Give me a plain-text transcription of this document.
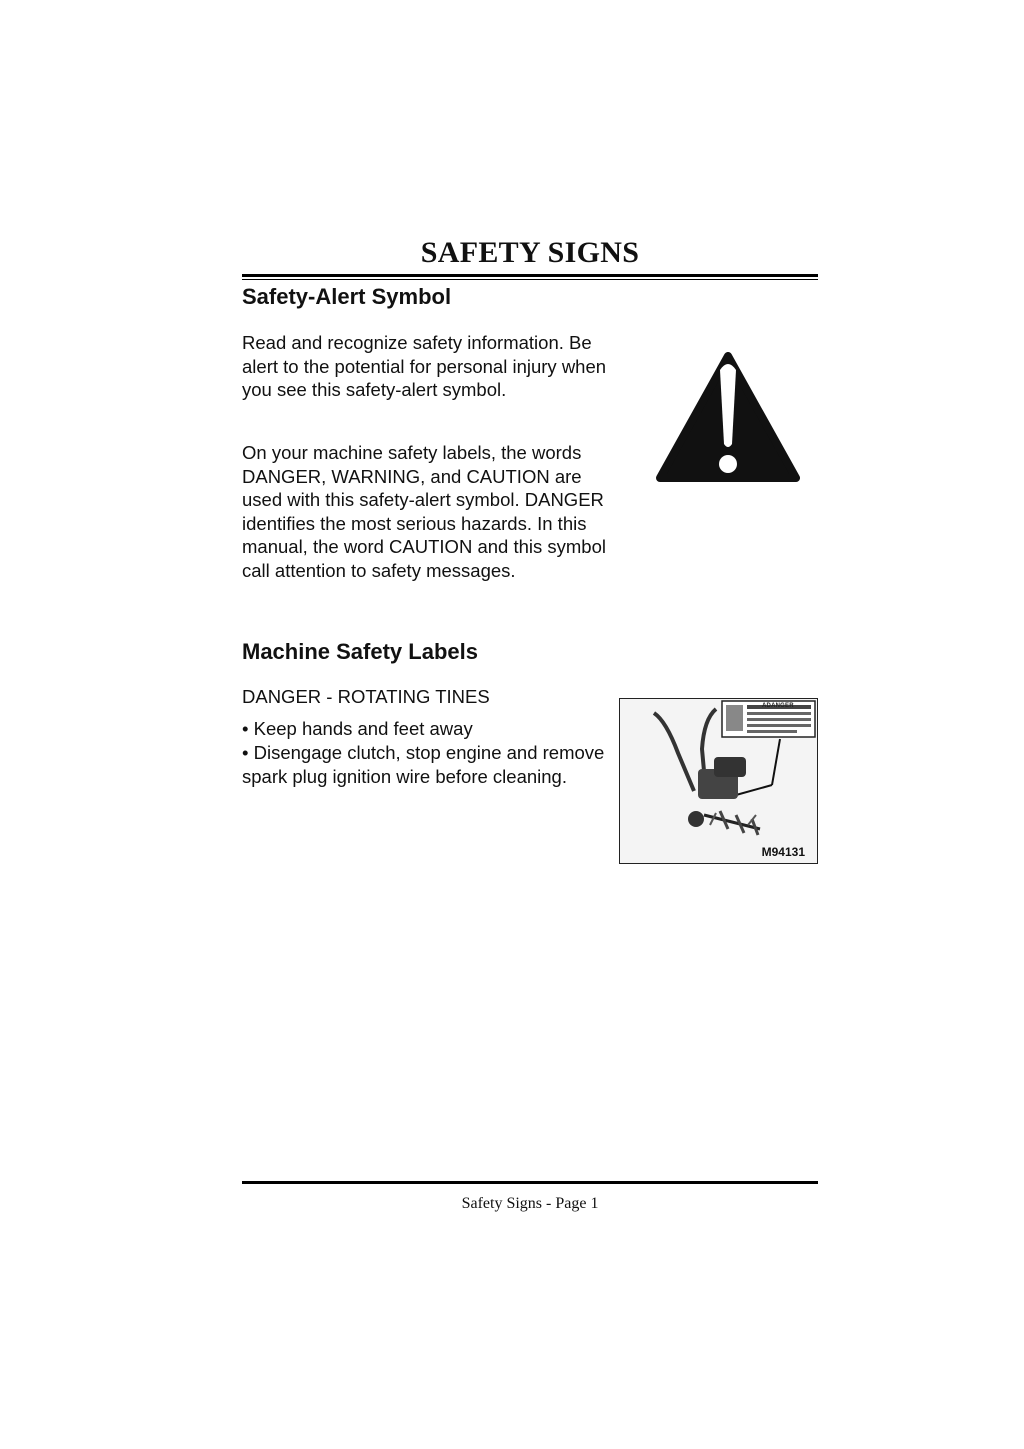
SAFETY SIGNS
Safety-Alert Symbol

Read and recognize safety information. Be alert to the potential for personal injury when you see this safety-alert symbol.

On your machine safety labels, the words DANGER, WARNING, and CAUTION are used with this safety-alert symbol. DANGER identifies the most serious hazards. In this manual, the word CAUTION and this symbol call attention to safety messages.

Machine Safety Labels

DANGER - ROTATING TINES

• Keep hands and feet away

• Disengage clutch, stop engine and remove spark plug ignition wire before cleaning.

ADANGER
M94131
Safety Signs - Page 1
